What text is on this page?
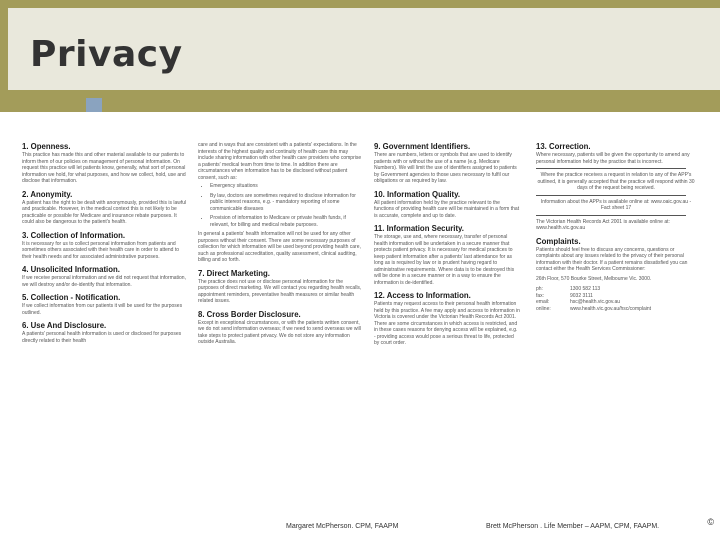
Privacy
1. Openness.

This practice has made this and other material available to our patients to inform them of our policies on management of personal information. On request this practice will let patients know, generally, what sort of personal information we hold, for what purposes, and how we collect, hold, use and disclose that information.

2. Anonymity.

A patient has the right to be dealt with anonymously, provided this is lawful and practicable. However, in the medical context this is not likely to be practicable or possible for Medicare and insurance rebate purposes. It could also be dangerous to the patient's health.

3. Collection of Information.

It is necessary for us to collect personal information from patients and sometimes others associated with their health care in order to attend to their health needs and for associated administrative purposes.

4. Unsolicited Information.

If we receive personal information and we did not request that information, we will destroy and/or de-identify that information.

5. Collection - Notification.

If we collect information from our patients it will be used for the purposes outlined.

6. Use And Disclosure.

A patients' personal health information is used or disclosed for purposes directly related to their health

care and in ways that are consistent with a patients' expectations. In the interests of the highest quality and continuity of health care this may include sharing information with other health care providers who comprise a patients' medical team from time to time. In addition there are circumstances when information has to be disclosed without patient consent, such as:

• Emergency situations
• By law, doctors are sometimes required to disclose information for public interest reasons, e.g. - mandatory reporting of some communicable diseases
• Provision of information to Medicare or private health funds, if relevant, for billing and medical rebate purposes.

In general a patients' health information will not be used for any other purposes without their consent. There are some necessary purposes of collection for which information will be used beyond providing health care, such as professional accreditation, quality assessment, clinical auditing, billing and so forth.

7. Direct Marketing.

The practice does not use or disclose personal information for the purposes of direct marketing. We will contact you regarding health recalls, appointment reminders, preventative health measures or similar health related issues.

8. Cross Border Disclosure.

Except in exceptional circumstances, or with the patients written consent, we do not send information overseas; if we need to send overseas we will take steps to protect patient privacy. We do not store any information outside Australia.

9. Government Identifiers.

There are numbers, letters or symbols that are used to identify patients with or without the use of a name (e.g. Medicare Numbers). We will limit the use of identifiers assigned to patients by Government agencies to those uses necessary to fulfil our obligations or as required by law.

10. Information Quality.

All patient information held by the practice relevant to the functions of providing health care will be maintained in a form that is accurate, complete and up to date.

11. Information Security.

The storage, use and, where necessary, transfer of personal health information will be undertaken in a secure manner that protects patient privacy. It is necessary for medical practices to keep patient information after a patients' last attendance for as long as is required by law or is prudent having regard to administrative requirements. Where data is to be destroyed this will be done in a secure manner or in a way to ensure the information is de-identified.

12. Access to Information.

Patients may request access to their personal health information held by this practice. A fee may apply and access to information in Victoria is covered under the Victorian Health Records Act 2001. There are some circumstances in which access is restricted, and in these cases reasons for denying access will be explained, e.g. - providing access would pose a serious threat to life, protected by court order.

13. Correction.

Where necessary, patients will be given the opportunity to amend any personal information held by the practice that is incorrect.

Where the practice receives a request in relation to any of the APP's outlined, it is generally accepted that the practice will respond within 30 days of the request being received.

Information about the APPs is available online at: www.oaic.gov.au - Fact sheet 17

The Victorian Health Records Act 2001 is available online at: www.health.vic.gov.au

Complaints.

Patients should feel free to discuss any concerns, questions or complaints about any issues related to the privacy of their personal information with their doctor. If a patient remains dissatisfied you can contact either the Health Services Commissioner:

26th Floor, 570 Bourke Street, Melbourne Vic. 3000.

ph:	1300 582 113
fax:	9032 3111
email:	hsc@health.vic.gov.au
online:	www.health.vic.gov.au/hsc/complaint
Margaret McPherson. CPM, FAAPM	Brett McPherson . Life Member – AAPM, CPM, FAAPM.	©
